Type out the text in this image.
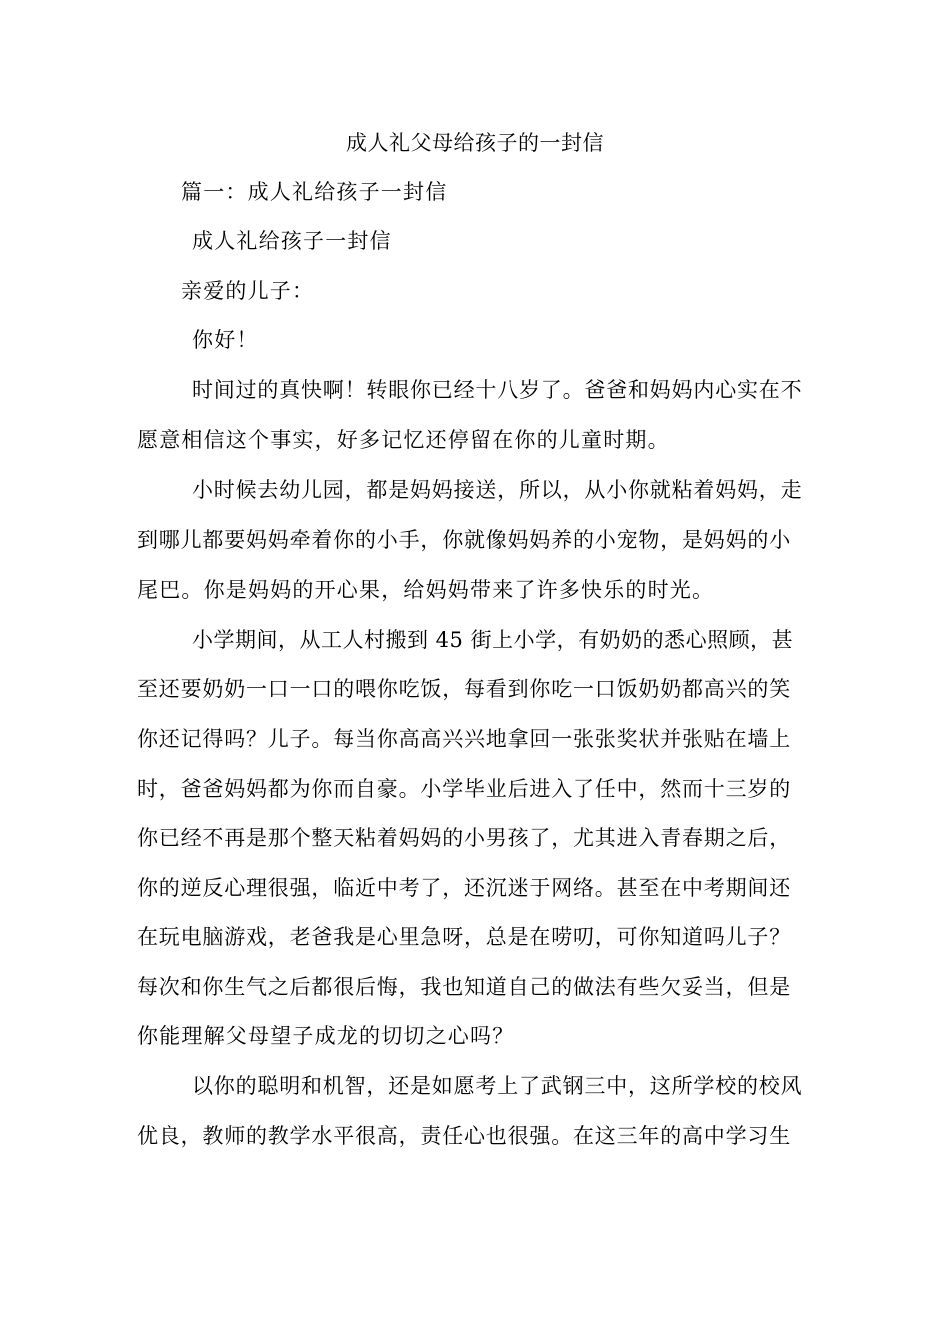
成人礼父母给孩子的一封信
篇一：成人礼给孩子一封信
成人礼给孩子一封信
亲爱的儿子：
你好！
时间过的真快啊！转眼你已经十八岁了。爸爸和妈妈内心实在不
愿意相信这个事实，好多记忆还停留在你的儿童时期。
小时候去幼儿园，都是妈妈接送，所以，从小你就粘着妈妈，走
到哪儿都要妈妈牵着你的小手，你就像妈妈养的小宠物，是妈妈的小
尾巴。你是妈妈的开心果，给妈妈带来了许多快乐的时光。
小学期间，从工人村搬到 45 街上小学，有奶奶的悉心照顾，甚
至还要奶奶一口一口的喂你吃饭，每看到你吃一口饭奶奶都高兴的笑
你还记得吗？儿子。每当你高高兴兴地拿回一张张奖状并张贴在墙上
时，爸爸妈妈都为你而自豪。小学毕业后进入了任中，然而十三岁的
你已经不再是那个整天粘着妈妈的小男孩了，尤其进入青春期之后，
你的逆反心理很强，临近中考了，还沉迷于网络。甚至在中考期间还
在玩电脑游戏，老爸我是心里急呀，总是在唠叨，可你知道吗儿子？
每次和你生气之后都很后悔，我也知道自己的做法有些欠妥当，但是
你能理解父母望子成龙的切切之心吗？
以你的聪明和机智，还是如愿考上了武钢三中，这所学校的校风
优良，教师的教学水平很高，责任心也很强。在这三年的高中学习生
